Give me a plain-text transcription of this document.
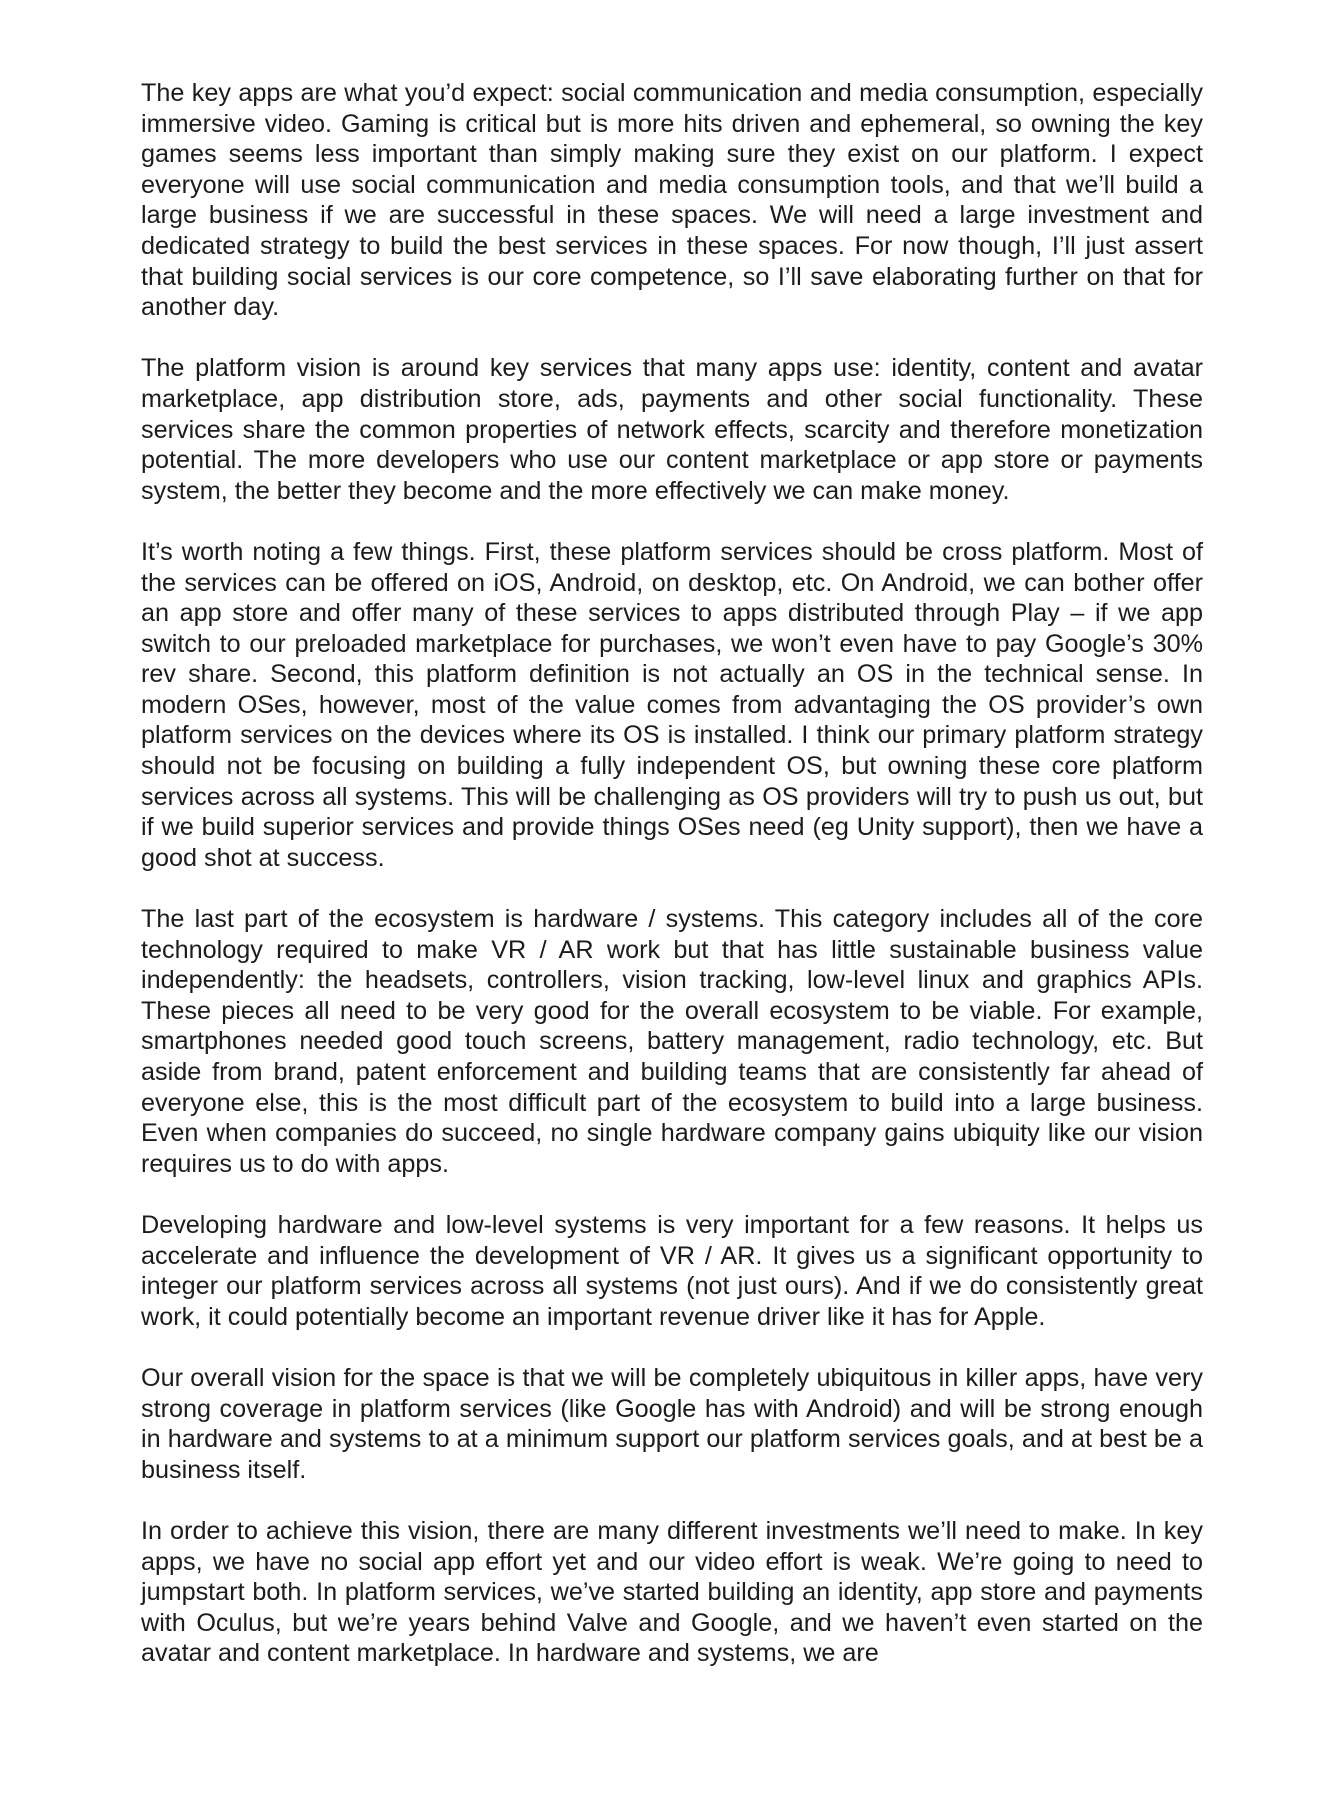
The key apps are what you’d expect: social communication and media consumption, especially immersive video. Gaming is critical but is more hits driven and ephemeral, so owning the key games seems less important than simply making sure they exist on our platform. I expect everyone will use social communication and media consumption tools, and that we’ll build a large business if we are successful in these spaces. We will need a large investment and dedicated strategy to build the best services in these spaces. For now though, I’ll just assert that building social services is our core competence, so I’ll save elaborating further on that for another day.

The platform vision is around key services that many apps use: identity, content and avatar marketplace, app distribution store, ads, payments and other social functionality. These services share the common properties of network effects, scarcity and therefore monetization potential. The more developers who use our content marketplace or app store or payments system, the better they become and the more effectively we can make money.

It’s worth noting a few things. First, these platform services should be cross platform. Most of the services can be offered on iOS, Android, on desktop, etc. On Android, we can bother offer an app store and offer many of these services to apps distributed through Play – if we app switch to our preloaded marketplace for purchases, we won’t even have to pay Google’s 30% rev share. Second, this platform definition is not actually an OS in the technical sense. In modern OSes, however, most of the value comes from advantaging the OS provider’s own platform services on the devices where its OS is installed. I think our primary platform strategy should not be focusing on building a fully independent OS, but owning these core platform services across all systems. This will be challenging as OS providers will try to push us out, but if we build superior services and provide things OSes need (eg Unity support), then we have a good shot at success.

The last part of the ecosystem is hardware / systems. This category includes all of the core technology required to make VR / AR work but that has little sustainable business value independently: the headsets, controllers, vision tracking, low-level linux and graphics APIs. These pieces all need to be very good for the overall ecosystem to be viable. For example, smartphones needed good touch screens, battery management, radio technology, etc. But aside from brand, patent enforcement and building teams that are consistently far ahead of everyone else, this is the most difficult part of the ecosystem to build into a large business. Even when companies do succeed, no single hardware company gains ubiquity like our vision requires us to do with apps.

Developing hardware and low-level systems is very important for a few reasons. It helps us accelerate and influence the development of VR / AR. It gives us a significant opportunity to integer our platform services across all systems (not just ours). And if we do consistently great work, it could potentially become an important revenue driver like it has for Apple.

Our overall vision for the space is that we will be completely ubiquitous in killer apps, have very strong coverage in platform services (like Google has with Android) and will be strong enough in hardware and systems to at a minimum support our platform services goals, and at best be a business itself.

In order to achieve this vision, there are many different investments we’ll need to make. In key apps, we have no social app effort yet and our video effort is weak. We’re going to need to jumpstart both. In platform services, we’ve started building an identity, app store and payments with Oculus, but we’re years behind Valve and Google, and we haven’t even started on the avatar and content marketplace. In hardware and systems, we are
